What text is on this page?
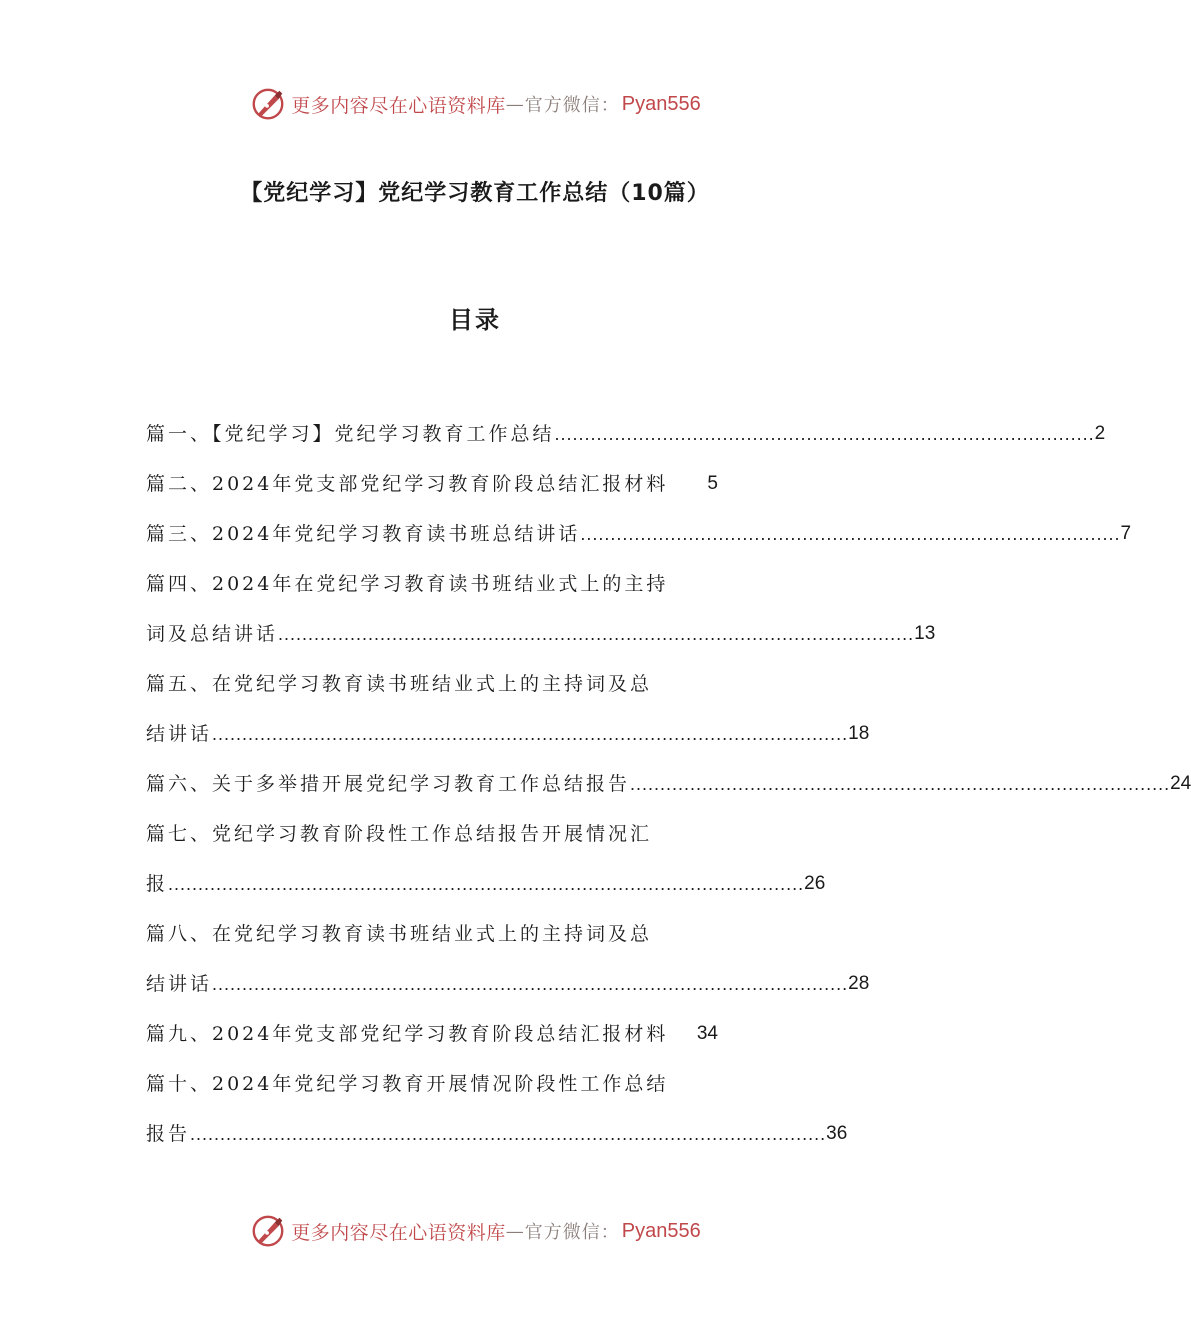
更多内容尽在心语资料库 — 官方微信： Pyan556
【党纪学习】党纪学习教育工作总结（10篇）
目录
篇一、【党纪学习】党纪学习教育工作总结 .......................................................................................... 2
篇二、2024年党支部党纪学习教育阶段总结汇报材料 5
篇三、2024年党纪学习教育读书班总结讲话 .......................................................................................... 7
篇四、2024年在党纪学习教育读书班结业式上的主持
词及总结讲话 .......................................................................................................... 13
篇五、在党纪学习教育读书班结业式上的主持词及总
结讲话 .......................................................................................................... 18
篇六、关于多举措开展党纪学习教育工作总结报告 .......................................................................................... 24
篇七、党纪学习教育阶段性工作总结报告开展情况汇
报 .......................................................................................................... 26
篇八、在党纪学习教育读书班结业式上的主持词及总
结讲话 .......................................................................................................... 28
篇九、2024年党支部党纪学习教育阶段总结汇报材料 34
篇十、2024年党纪学习教育开展情况阶段性工作总结
报告 .......................................................................................................... 36
更多内容尽在心语资料库 — 官方微信： Pyan556
